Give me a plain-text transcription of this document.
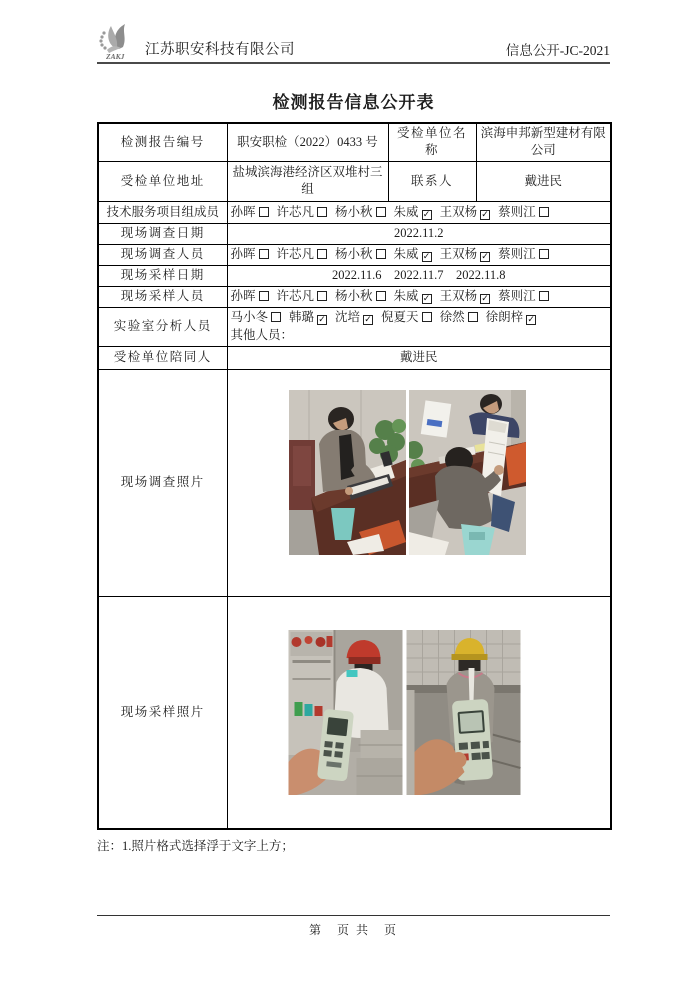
ZAKJ 江苏职安科技有限公司	信息公开-JC-2021
检测报告信息公开表
检测报告编号	职安职检（2022）0433 号	受检单位名称	滨海申邦新型建材有限公司
受检单位地址	盐城滨海港经济区双堆村三组	联系人	戴进民
技术服务项目组成员	孙晖 许芯凡 杨小秋 朱威 ✓ 王双杨 ✓ 蔡则江		
现场调查日期	2022.11.2		
现场调查人员	孙晖 许芯凡 杨小秋 朱威 ✓ 王双杨 ✓ 蔡则江		
现场采样日期	2022.11.6　2022.11.7　2022.11.8		
现场采样人员	孙晖 许芯凡 杨小秋 朱威 ✓ 王双杨 ✓ 蔡则江		
实验室分析人员	马小冬 韩璐 ✓ 沈培 ✓ 倪夏天 徐然 徐朗梓 ✓
其他人员：		

受检单位陪同人	戴进民		
现场调查照片	

现场采样照片	
注：1.照片格式选择浮于文字上方；
第　页 共　页
